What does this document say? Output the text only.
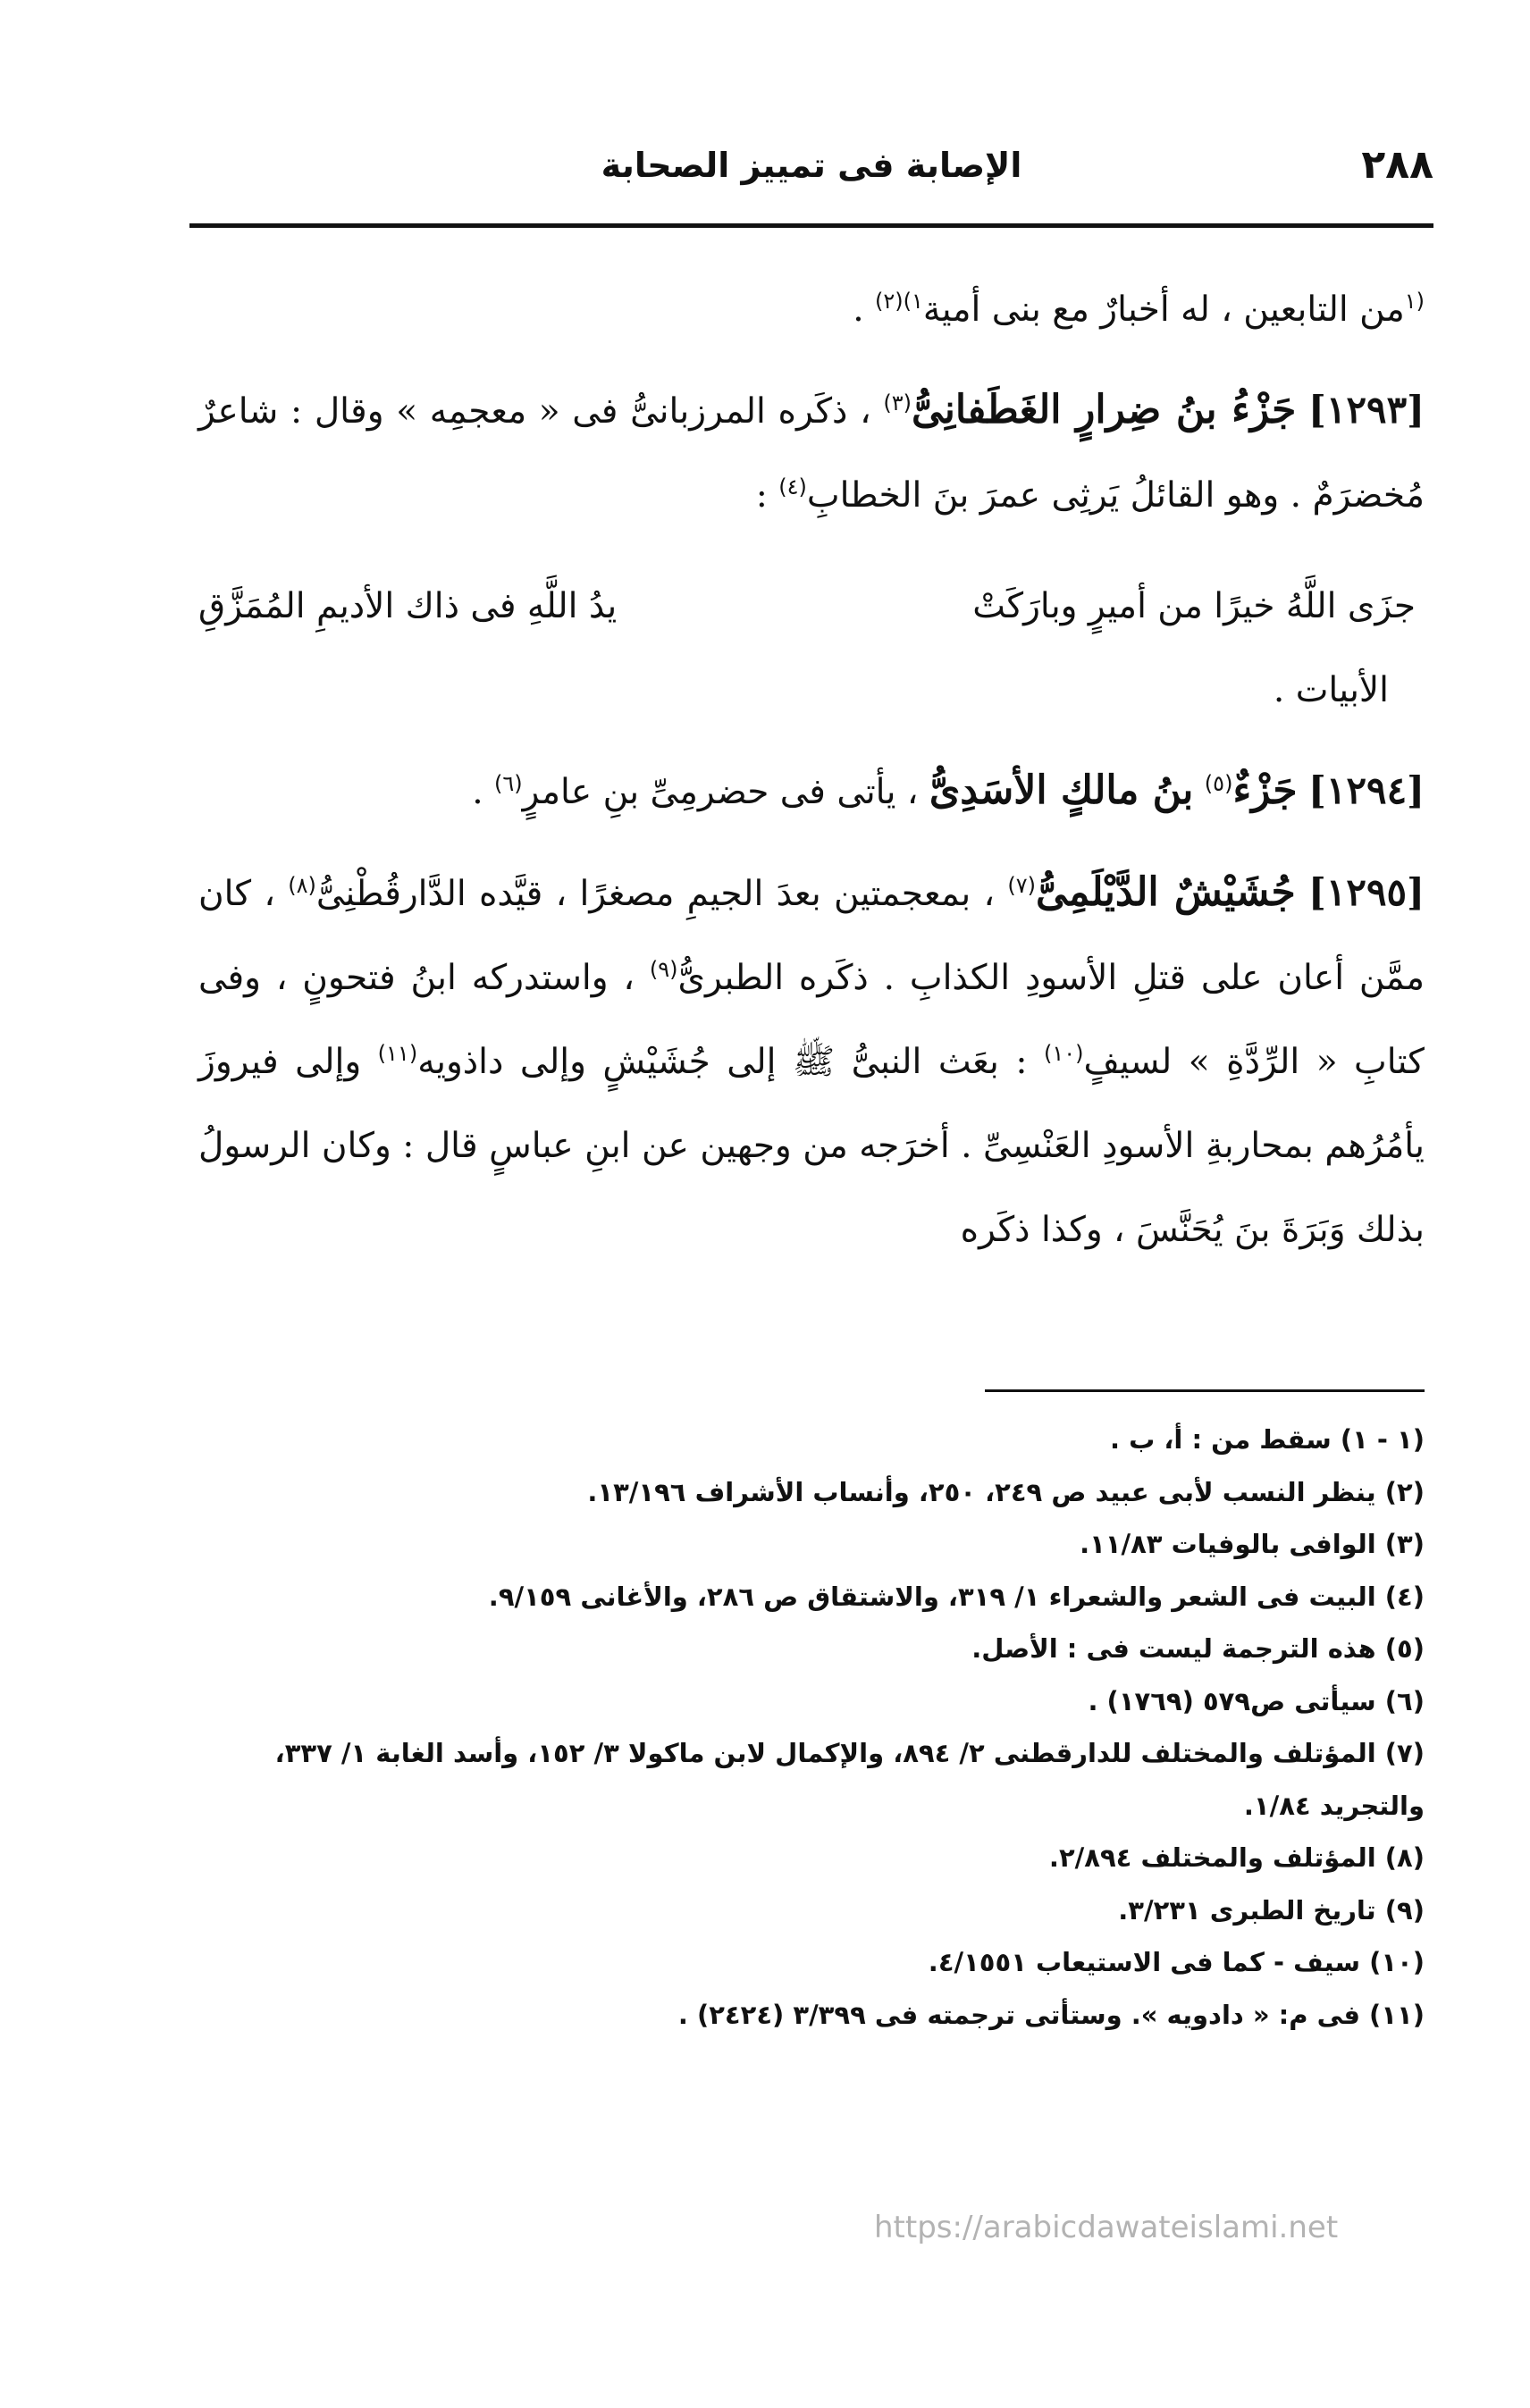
٢٨٨
الإصابة فى تمييز الصحابة

$^{(١}$من التابعين ، له أخبارٌ مع بنى أمية$^{١)(٢)}$ .

[١٢٩٣] جَزْءُ بنُ ضِرارٍ الغَطَفانِىُّ$^{(٣)}$ ، ذكَره المرزبانىُّ فى « معجمِه » وقال : شاعرٌ مُخضرَمٌ . وهو القائلُ يَرثِى عمرَ بنَ الخطابِ$^{(٤)}$ :

جزَى اللَّهُ خيرًا من أميرٍ وبارَكَتْ
يدُ اللَّهِ فى ذاك الأديمِ المُمَزَّقِ

الأبيات .

[١٢٩٤] جَزْءٌ$^{(٥)}$ بنُ مالكٍ الأسَدِىُّ ، يأتى فى حضرمِىِّ بنِ عامرٍ$^{(٦)}$ .

[١٢٩٥] جُشَيْشٌ الدَّيْلَمِىُّ$^{(٧)}$ ، بمعجمتين بعدَ الجيمِ مصغرًا ، قيَّده الدَّارقُطْنِىُّ$^{(٨)}$ ، كان ممَّن أعان على قتلِ الأسودِ الكذابِ . ذكَره الطبرىُّ$^{(٩)}$ ، واستدركه ابنُ فتحونٍ ، وفى كتابِ « الرِّدَّةِ » لسيفٍ$^{(١٠)}$ : بعَث النبىُّ ﷺ إلى جُشَيْشٍ وإلى داذويه$^{(١١)}$ وإلى فيروزَ يأمُرُهم بمحاربةِ الأسودِ العَنْسِىِّ . أخرَجه من وجهين عن ابنِ عباسٍ قال : وكان الرسولُ بذلك وَبَرَةَ بنَ يُحَنَّسَ ، وكذا ذكَره

(١ - ١) سقط من : أ، ب .
(٢) ينظر النسب لأبى عبيد ص ٢٤٩، ٢٥٠، وأنساب الأشراف ١٣/١٩٦.
(٣) الوافى بالوفيات ١١/٨٣.
(٤) البيت فى الشعر والشعراء ١/ ٣١٩، والاشتقاق ص ٢٨٦، والأغانى ٩/١٥٩.
(٥) هذه الترجمة ليست فى : الأصل.
(٦) سيأتى ص٥٧٩ (١٧٦٩) .
(٧) المؤتلف والمختلف للدارقطنى ٢/ ٨٩٤، والإكمال لابن ماكولا ٣/ ١٥٢، وأسد الغابة ١/ ٣٣٧،
والتجريد ١/٨٤.
(٨) المؤتلف والمختلف ٢/٨٩٤.
(٩) تاريخ الطبرى ٣/٢٣١.
(١٠) سيف - كما فى الاستيعاب ٤/١٥٥١.
(١١) فى م: « دادويه ». وستأتى ترجمته فى ٣/٣٩٩ (٢٤٢٤) .
https://arabicdawateislami.net
